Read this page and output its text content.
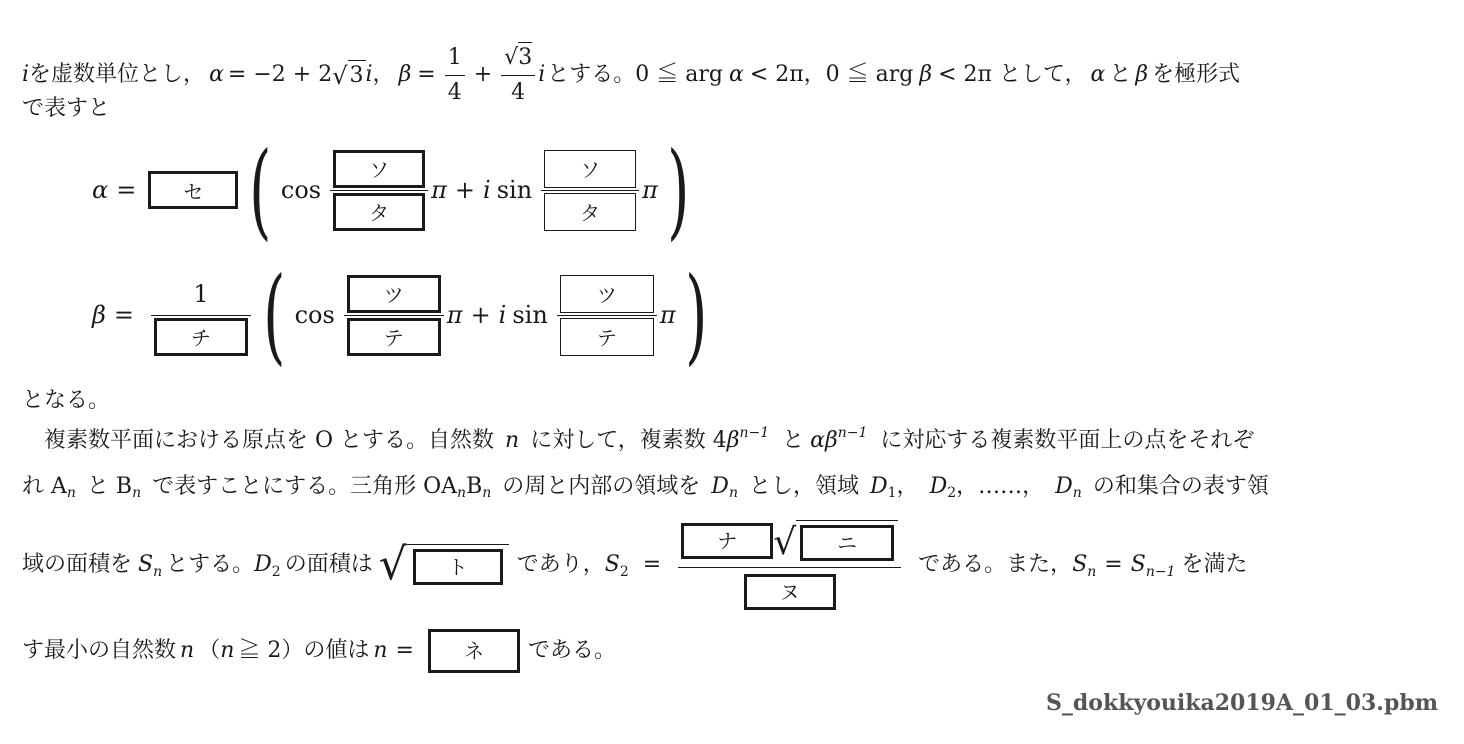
i を虚数単位とし， α = −2 + 2 √ 3 i ， $\beta = \frac{1}{4} + \frac{√ 3}{4}$ i とする。0 ≦ arg α < 2π，0 ≦ arg β < 2π として， α と β を極形式
で表すと
α =	セ ( $\cos \frac{\text{ソ}}{\text{タ}}$ π + i $\sin \frac{\text{ソ}}{\text{タ}}$ π )
$\beta = \frac{1}{\text{チ}}$ ( $\cos \frac{\text{ツ}}{\text{テ}}$ π + i $\sin \frac{\text{ツ}}{\text{テ}}$ π )
となる。
複素数平面における原点を O とする。自然数 n に対して，複素数 $4\beta^{n-1}$ と $\alpha\beta^{n-1}$ に対応する複素数平面上の点をそれぞ
れ $A_n$ と $B_n$ で表すことにする。三角形 $OA_nB_n$ の周と内部の領域を $D_n$ とし，領域 $D_1$， $D_2$，……， $D_n$ の和集合の表す領
域の面積を S n とする。 D 2 の面積は √	ト	であり， S 2 = ナ	√	ニ
ヌ である。また， S n = S n−1 を満た
す最小の自然数 n （ n ≧ 2）の値は n =	ネ	である。
S_dokkyouika2019A_01_03.pbm
